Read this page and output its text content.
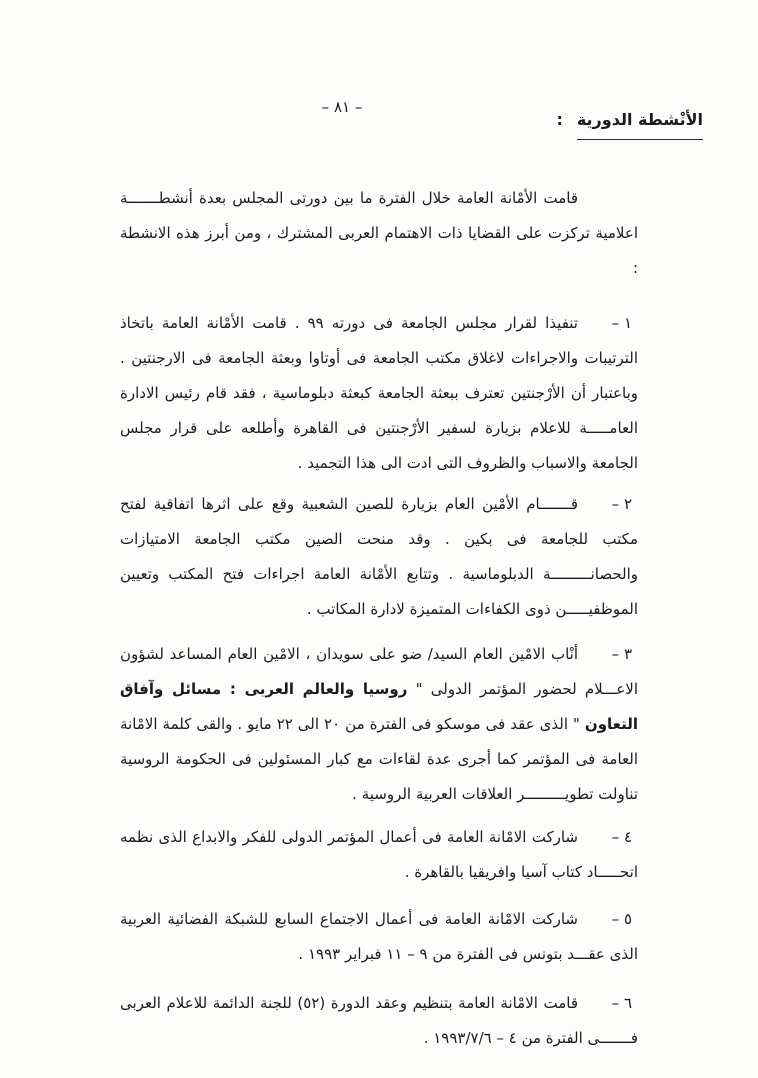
– ٨١ –
الأنْشطة الدورية:

قامت الأمْانة العامة خلال الفترة ما بين دورتى المجلس بعدة أنشطـــــــة اعلامية تركزت على القضايا ذات الاهتمام العربى المشترك ، ومن أبرز هذه الانشطة :

١ –

تنفيذا لقرار مجلس الجامعة فى دورته ٩٩ . قامت الأمْانة العامة باتخاذ الترتيبات والاجراءات لاغلاق مكتب الجامعة فى أوتاوا وبعثة الجامعة فى الارجنتين . وباعتبار أن الأرْجنتين تعترف ببعثة الجامعة كبعثة دبلوماسية ، فقد قام رئيس الادارة العامـــــة للاعلام بزيارة لسفير الأرْجنتين فى القاهرة وأطلعه على قرار مجلس الجامعة والاسباب والظروف التى ادت الى هذا التجميد .

٢ –

قـــــــام الأمْين العام بزيارة للصين الشعبية وقع على اثرها اتفاقية لفتح مكتب للجامعة فى بكين . وقد منحت الصين مكتب الجامعة الامتيازات والحصانـــــــــة الدبلوماسية . وتتابع الأمْانة العامة اجراءات فتح المكتب وتعيين الموظفيـــــن ذوى الكفاءات المتميزة لادارة المكاتب .

٣ –

أنْاب الامْين العام السيد/ ضو على سويدان ، الامْين العام المساعد لشؤون الاعـــلام لحضور المؤتمر الدولى " روسيا والعالم العربى : مسائل وآفاق التعاون " الذى عقد فى موسكو فى الفترة من ٢٠ الى ٢٢ مايو . والقى كلمة الامْانة العامة فى المؤتمر كما أجرى عدة لقاءات مع كبار المسئولين فى الحكومة الروسية تناولت تطويـــــــــر العلاقات العربية الروسية .

٤ –

شاركت الامْانة العامة فى أعمال المؤتمر الدولى للفكر والابداع الذى نظمه اتحـــــاد كتاب آسيا وافريقيا بالقاهرة .

٥ –

شاركت الامْانة العامة فى أعمال الاجتماع السابع للشبكة الفضائية العربية الذى عقـــد بتونس فى الفترة من ٩ – ١١ فبراير ١٩٩٣ .

٦ –

قامت الامْانة العامة بتنظيم وعقد الدورة (٥٢) للجنة الدائمة للاعلام العربى فـــــــى الفترة من ٤ – ١٩٩٣/٧/٦ .
